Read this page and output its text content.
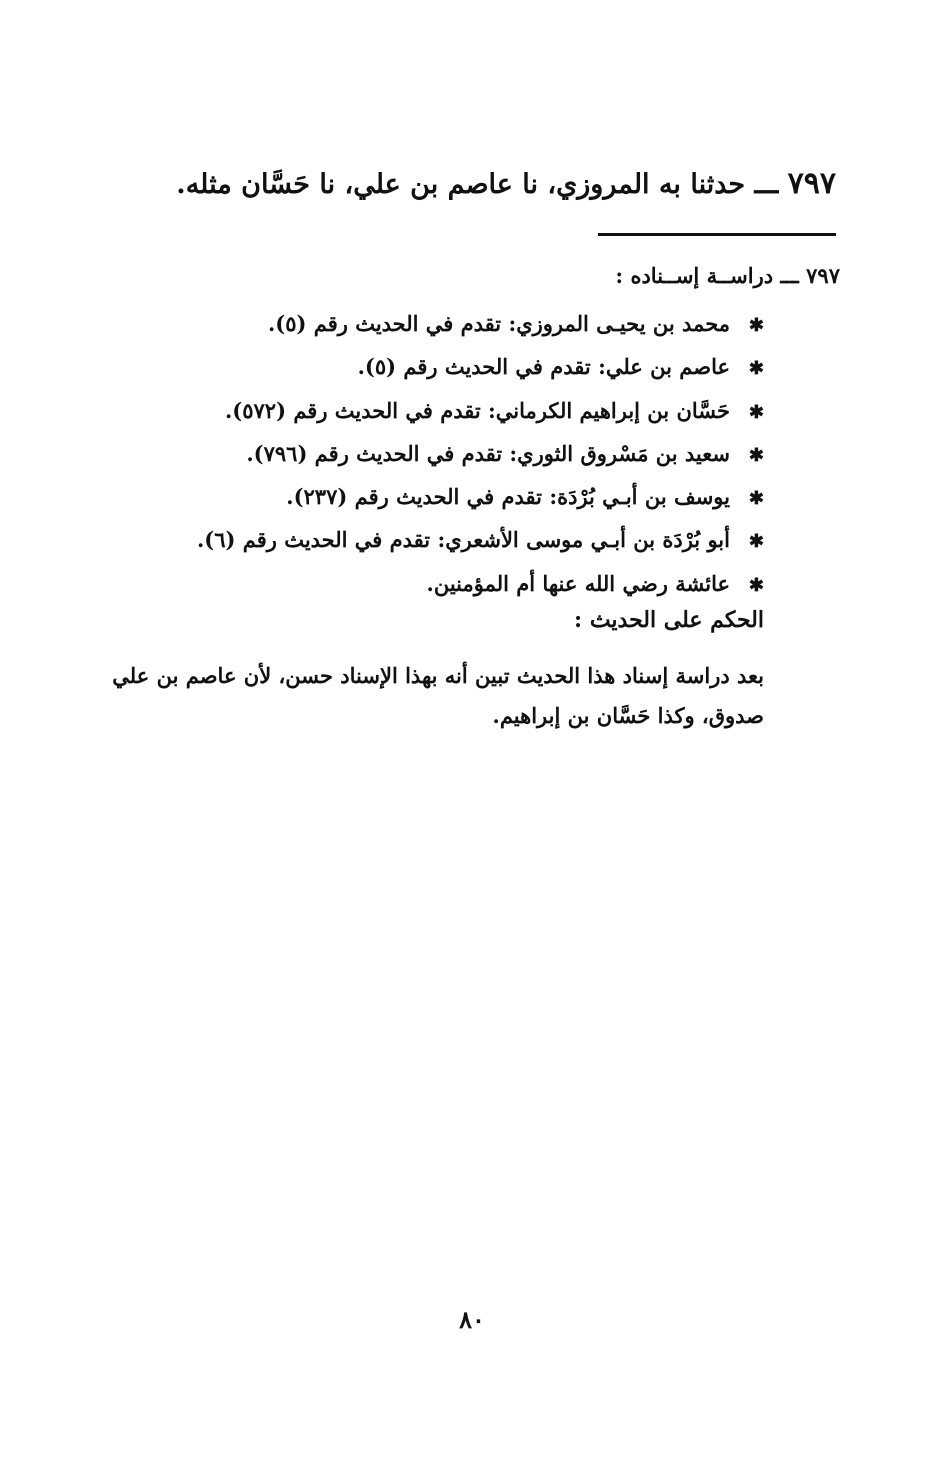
٧٩٧ ـــ حدثنا به المروزي، نا عاصم بن علي، نا حَسَّان مثله.
٧٩٧ ـــ دراســة إســناده :
✱محمد بن يحيـى المروزي: تقدم في الحديث رقم (٥).
✱عاصم بن علي: تقدم في الحديث رقم (٥).
✱حَسَّان بن إبراهيم الكرماني: تقدم في الحديث رقم (٥٧٢).
✱سعيد بن مَسْروق الثوري: تقدم في الحديث رقم (٧٩٦).
✱يوسف بن أبـي بُرْدَة: تقدم في الحديث رقم (٢٣٧).
✱أبو بُرْدَة بن أبـي موسى الأشعري: تقدم في الحديث رقم (٦).
✱عائشة رضي الله عنها أم المؤمنين.
الحكم على الحديث :
بعد دراسة إسناد هذا الحديث تبين أنه بهذا الإسناد حسن، لأن عاصم بن علي
صدوق، وكذا حَسَّان بن إبراهيم.
٨٠
